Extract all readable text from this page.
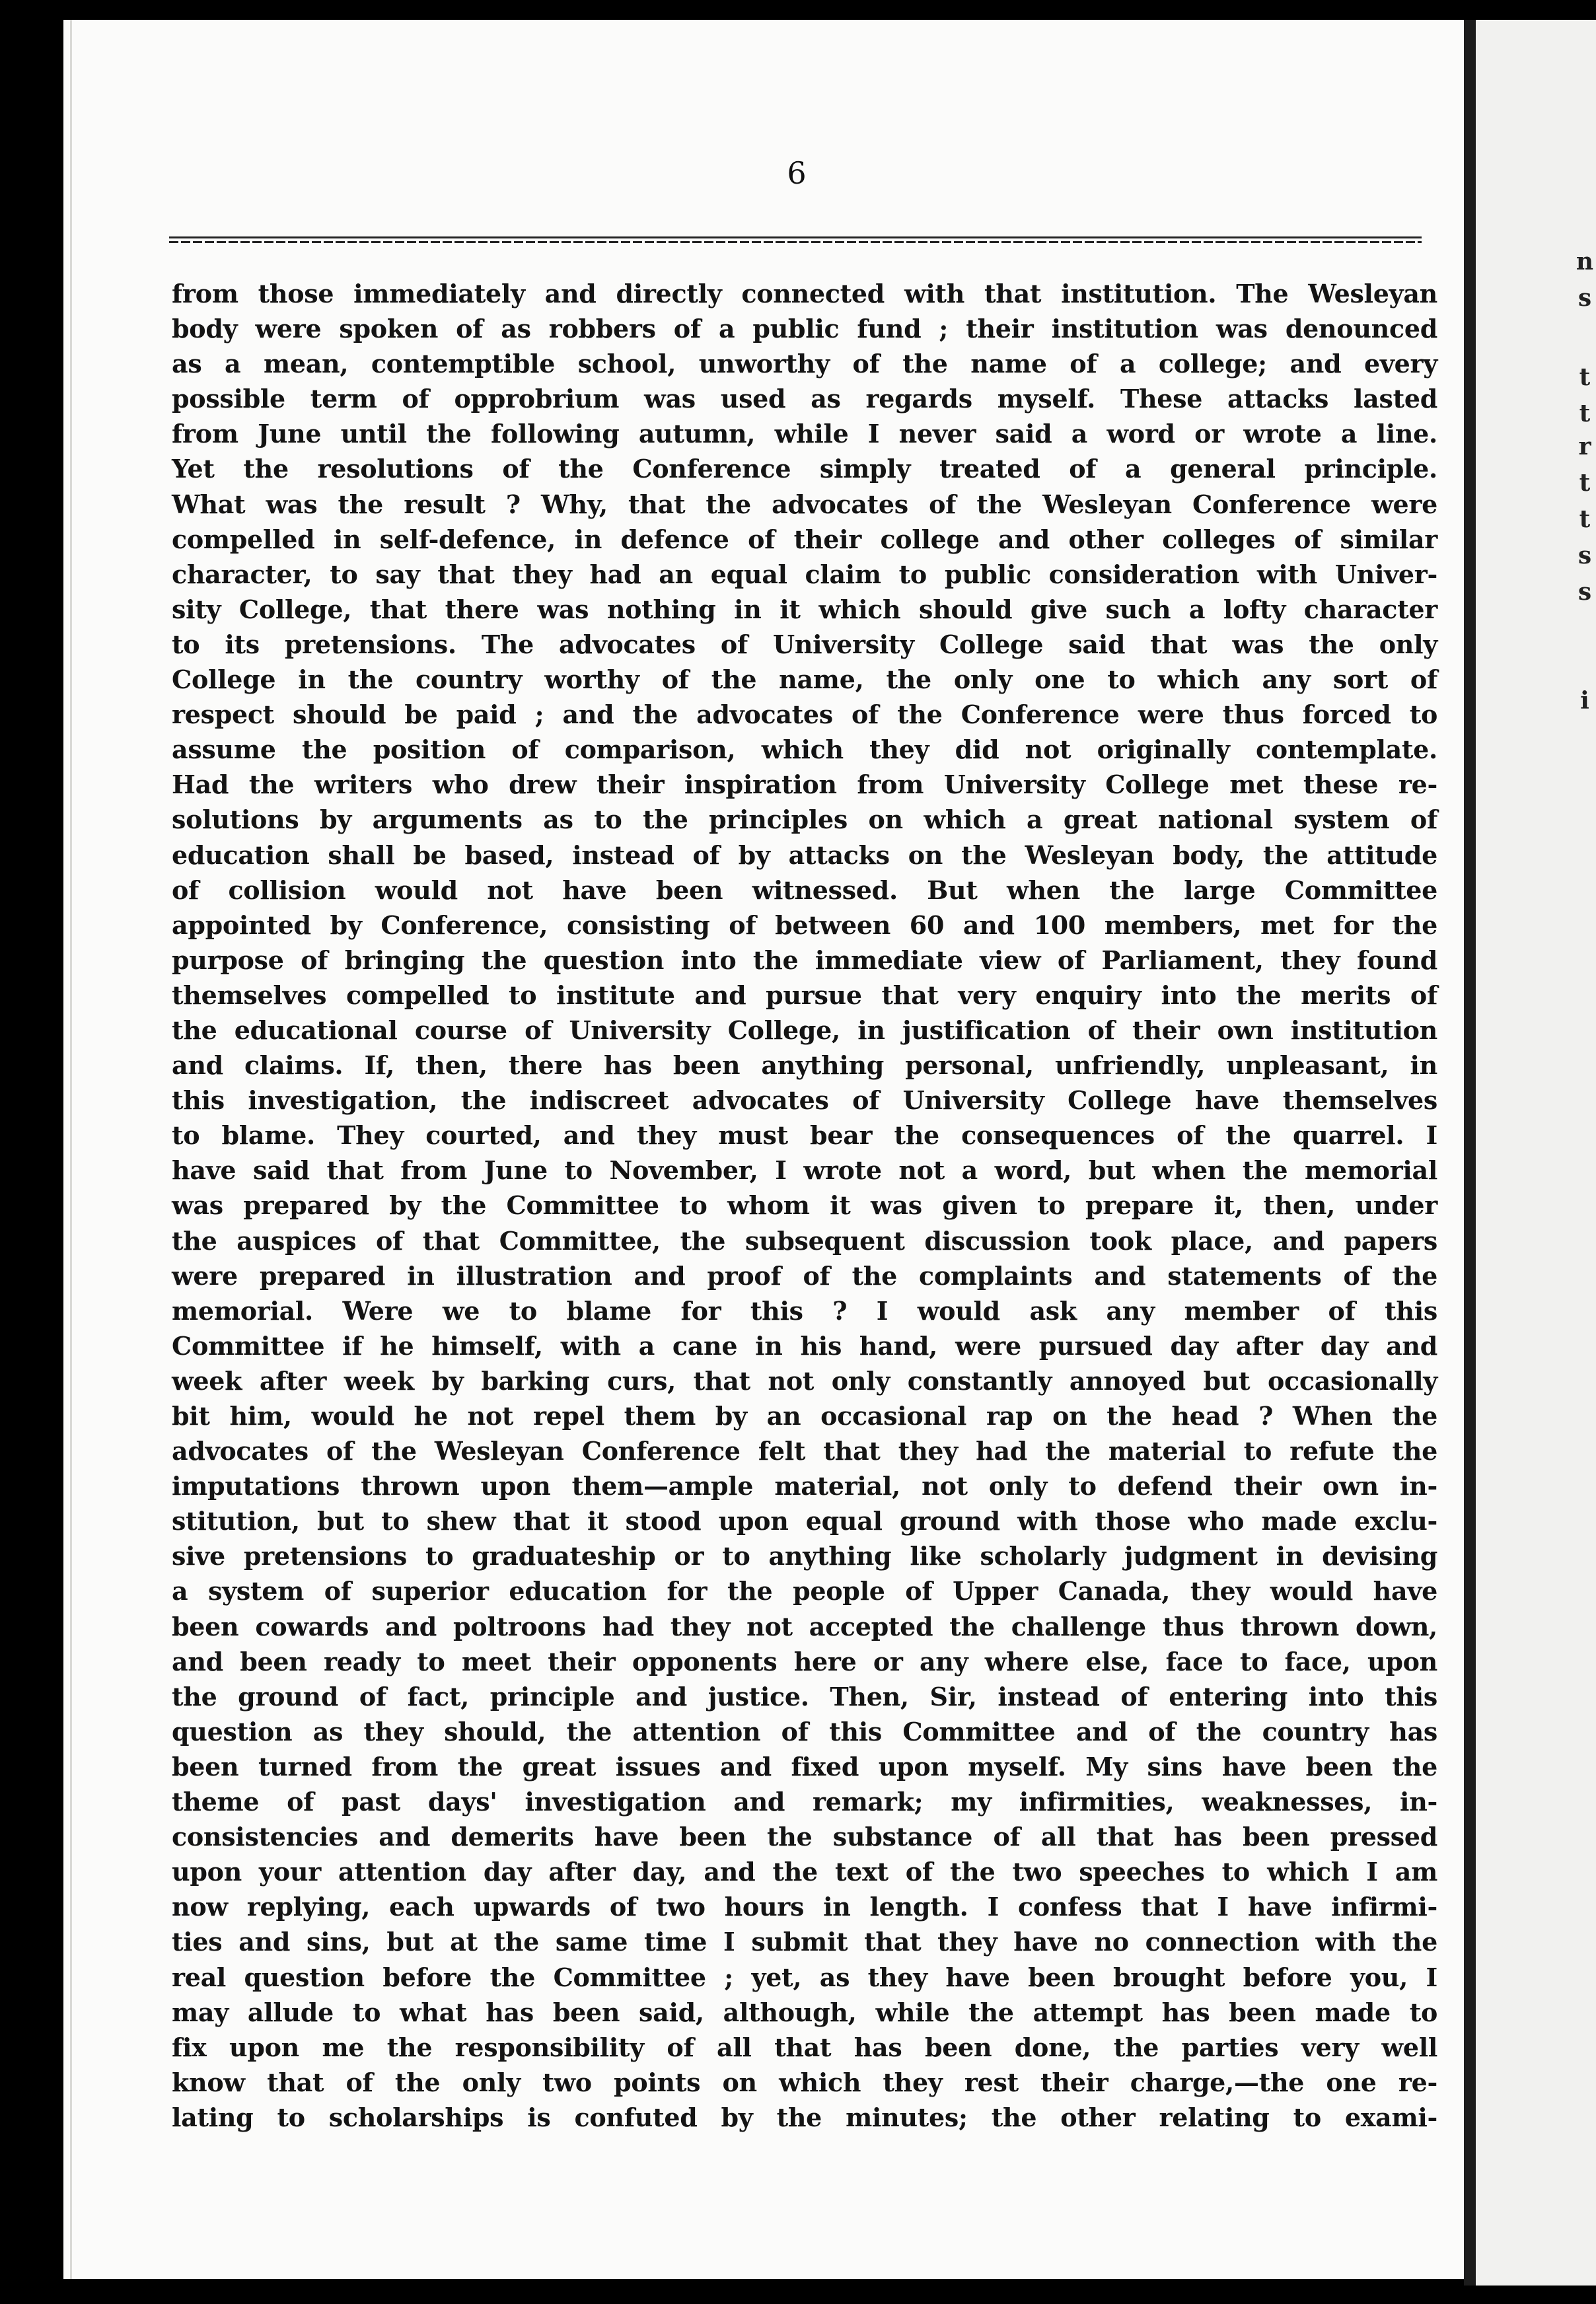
6
from those immediately and directly connected with that institution. The Wesleyan
body were spoken of as robbers of a public fund ; their institution was denounced
as a mean, contemptible school, unworthy of the name of a college; and every
possible term of opprobrium was used as regards myself. These attacks lasted
from June until the following autumn, while I never said a word or wrote a line.
Yet the resolutions of the Conference simply treated of a general principle.
What was the result ? Why, that the advocates of the Wesleyan Conference were
compelled in self-defence, in defence of their college and other colleges of similar
character, to say that they had an equal claim to public consideration with Univer-
sity College, that there was nothing in it which should give such a lofty character
to its pretensions. The advocates of University College said that was the only
College in the country worthy of the name, the only one to which any sort of
respect should be paid ; and the advocates of the Conference were thus forced to
assume the position of comparison, which they did not originally contemplate.
Had the writers who drew their inspiration from University College met these re-
solutions by arguments as to the principles on which a great national system of
education shall be based, instead of by attacks on the Wesleyan body, the attitude
of collision would not have been witnessed. But when the large Committee
appointed by Conference, consisting of between 60 and 100 members, met for the
purpose of bringing the question into the immediate view of Parliament, they found
themselves compelled to institute and pursue that very enquiry into the merits of
the educational course of University College, in justification of their own institution
and claims. If, then, there has been anything personal, unfriendly, unpleasant, in
this investigation, the indiscreet advocates of University College have themselves
to blame. They courted, and they must bear the consequences of the quarrel. I
have said that from June to November, I wrote not a word, but when the memorial
was prepared by the Committee to whom it was given to prepare it, then, under
the auspices of that Committee, the subsequent discussion took place, and papers
were prepared in illustration and proof of the complaints and statements of the
memorial. Were we to blame for this ? I would ask any member of this
Committee if he himself, with a cane in his hand, were pursued day after day and
week after week by barking curs, that not only constantly annoyed but occasionally
bit him, would he not repel them by an occasional rap on the head ? When the
advocates of the Wesleyan Conference felt that they had the material to refute the
imputations thrown upon them—ample material, not only to defend their own in-
stitution, but to shew that it stood upon equal ground with those who made exclu-
sive pretensions to graduateship or to anything like scholarly judgment in devising
a system of superior education for the people of Upper Canada, they would have
been cowards and poltroons had they not accepted the challenge thus thrown down,
and been ready to meet their opponents here or any where else, face to face, upon
the ground of fact, principle and justice. Then, Sir, instead of entering into this
question as they should, the attention of this Committee and of the country has
been turned from the great issues and fixed upon myself. My sins have been the
theme of past days' investigation and remark; my infirmities, weaknesses, in-
consistencies and demerits have been the substance of all that has been pressed
upon your attention day after day, and the text of the two speeches to which I am
now replying, each upwards of two hours in length. I confess that I have infirmi-
ties and sins, but at the same time I submit that they have no connection with the
real question before the Committee ; yet, as they have been brought before you, I
may allude to what has been said, although, while the attempt has been made to
fix upon me the responsibility of all that has been done, the parties very well
know that of the only two points on which they rest their charge,—the one re-
lating to scholarships is confuted by the minutes; the other relating to exami-
n
s
t
t
r
t
t
s
s
i
